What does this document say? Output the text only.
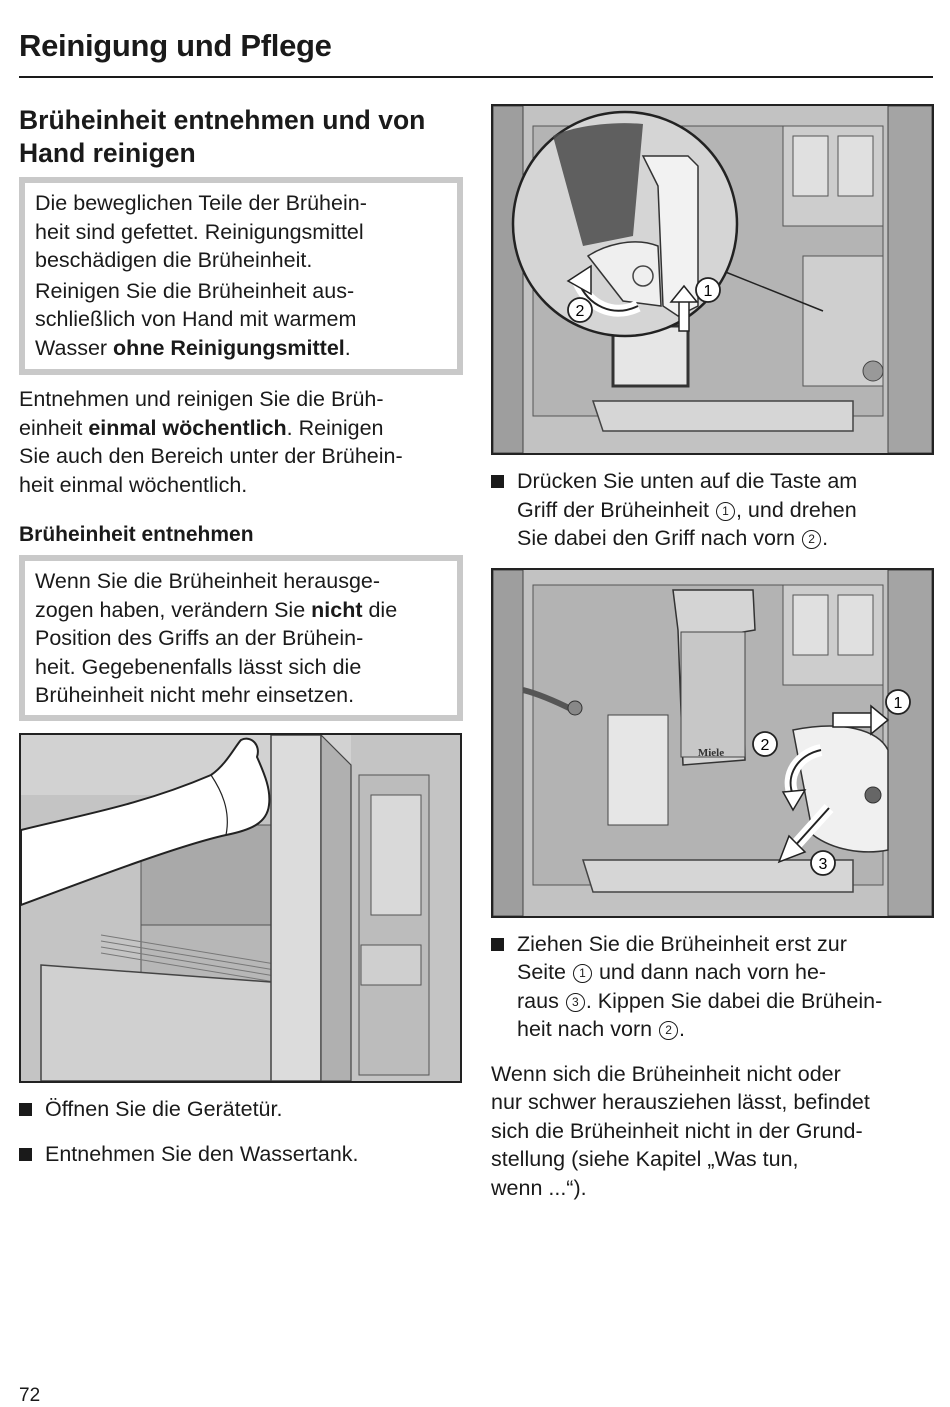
Reinigung und Pflege
Brüheinheit entnehmen und von
Hand reinigen

Die beweglichen Teile der Brühein-
heit sind gefettet. Reinigungsmittel
beschädigen die Brüheinheit.

Reinigen Sie die Brüheinheit aus-
schließlich von Hand mit warmem
Wasser ohne Reinigungsmittel.

Entnehmen und reinigen Sie die Brüh-
einheit einmal wöchentlich. Reinigen
Sie auch den Bereich unter der Brühein-
heit einmal wöchentlich.

Brüheinheit entnehmen

Wenn Sie die Brüheinheit herausge-
zogen haben, verändern Sie nicht die
Position des Griffs an der Brühein-
heit. Gegebenenfalls lässt sich die
Brüheinheit nicht mehr einsetzen.

Öffnen Sie die Gerätetür.
Entnehmen Sie den Wassertank.
1
2
Drücken Sie unten auf die Taste am
Griff der Brüheinheit 1 , und drehen
Sie dabei den Griff nach vorn 2 .
Miele
1
2
3
Ziehen Sie die Brüheinheit erst zur
Seite 1 und dann nach vorn he-
raus 3 . Kippen Sie dabei die Brühein-
heit nach vorn 2 .

Wenn sich die Brüheinheit nicht oder
nur schwer herausziehen lässt, befindet
sich die Brüheinheit nicht in der Grund-
stellung (siehe Kapitel „Was tun,
wenn ...“).

72
